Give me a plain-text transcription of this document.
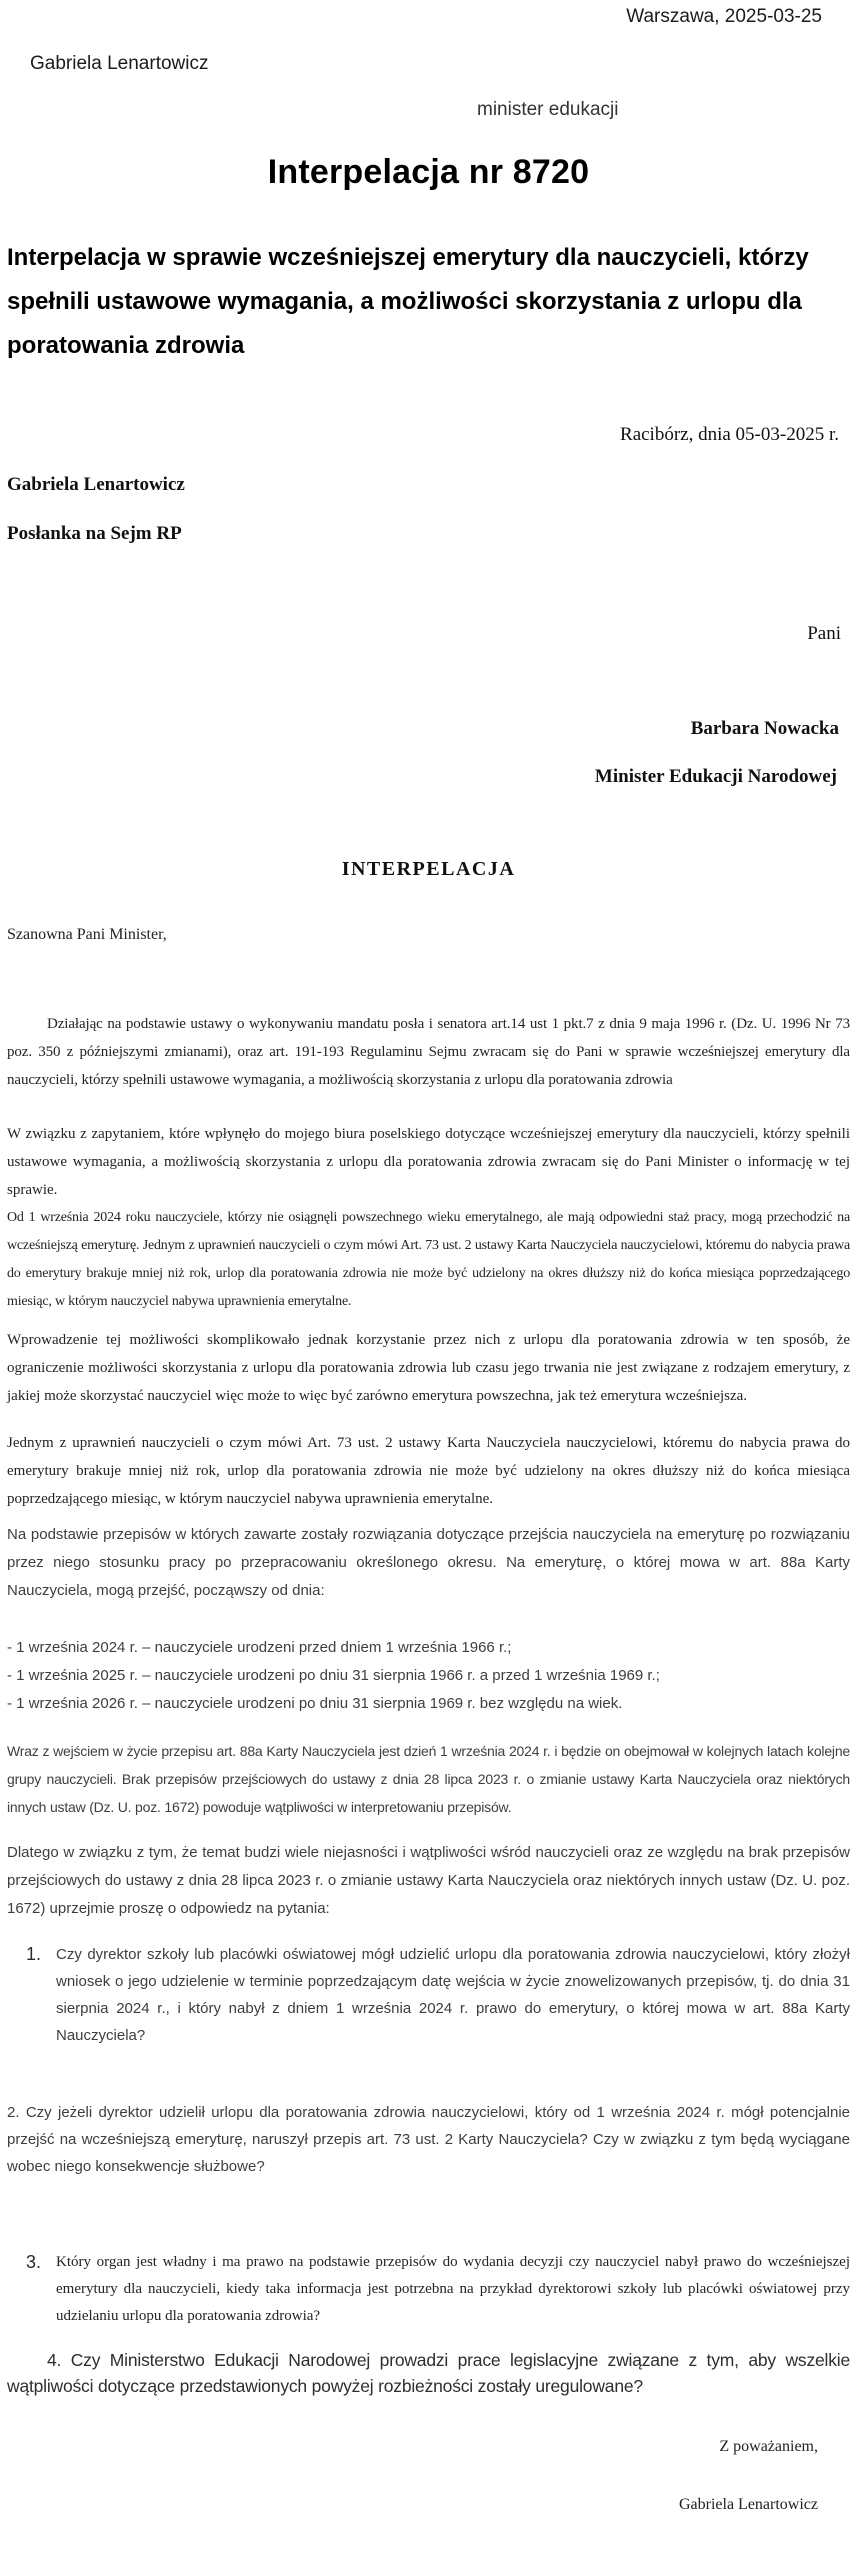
Warszawa, 2025-03-25
Gabriela Lenartowicz
minister edukacji
Interpelacja nr 8720
Interpelacja w sprawie wcześniejszej emerytury dla nauczycieli, którzy spełnili ustawowe wymagania, a możliwości skorzystania z urlopu dla poratowania zdrowia
Racibórz, dnia 05-03-2025 r.
Gabriela Lenartowicz
Posłanka na Sejm RP
Pani
Barbara Nowacka
Minister Edukacji Narodowej
INTERPELACJA
Szanowna Pani Minister,

Działając na podstawie ustawy o wykonywaniu mandatu posła i senatora art.14 ust 1 pkt.7 z dnia 9 maja 1996 r. (Dz. U. 1996 Nr 73 poz. 350 z późniejszymi zmianami), oraz art. 191-193 Regulaminu Sejmu zwracam się do Pani w sprawie wcześniejszej emerytury dla nauczycieli, którzy spełnili ustawowe wymagania, a możliwością skorzystania z urlopu dla poratowania zdrowia

W związku z zapytaniem, które wpłynęło do mojego biura poselskiego dotyczące wcześniejszej emerytury dla nauczycieli, którzy spełnili ustawowe wymagania, a możliwością skorzystania z urlopu dla poratowania zdrowia zwracam się do Pani Minister o informację w tej sprawie.

Od 1 września 2024 roku nauczyciele, którzy nie osiągnęli powszechnego wieku emerytalnego, ale mają odpowiedni staż pracy, mogą przechodzić na wcześniejszą emeryturę. Jednym z uprawnień nauczycieli o czym mówi Art. 73 ust. 2 ustawy Karta Nauczyciela nauczycielowi, któremu do nabycia prawa do emerytury brakuje mniej niż rok, urlop dla poratowania zdrowia nie może być udzielony na okres dłuższy niż do końca miesiąca poprzedzającego miesiąc, w którym nauczyciel nabywa uprawnienia emerytalne.

Wprowadzenie tej możliwości skomplikowało jednak korzystanie przez nich z urlopu dla poratowania zdrowia w ten sposób, że ograniczenie możliwości skorzystania z urlopu dla poratowania zdrowia lub czasu jego trwania nie jest związane z rodzajem emerytury, z jakiej może skorzystać nauczyciel więc może to więc być zarówno emerytura powszechna, jak też emerytura wcześniejsza.

Jednym z uprawnień nauczycieli o czym mówi Art. 73 ust. 2 ustawy Karta Nauczyciela nauczycielowi, któremu do nabycia prawa do emerytury brakuje mniej niż rok, urlop dla poratowania zdrowia nie może być udzielony na okres dłuższy niż do końca miesiąca poprzedzającego miesiąc, w którym nauczyciel nabywa uprawnienia emerytalne.

Na podstawie przepisów w których zawarte zostały rozwiązania dotyczące przejścia nauczyciela na emeryturę po rozwiązaniu przez niego stosunku pracy po przepracowaniu określonego okresu. Na emeryturę, o której mowa w art. 88a Karty Nauczyciela, mogą przejść, począwszy od dnia:

- 1 września 2024 r. – nauczyciele urodzeni przed dniem 1 września 1966 r.;
- 1 września 2025 r. – nauczyciele urodzeni po dniu 31 sierpnia 1966 r. a przed 1 września 1969 r.;
- 1 września 2026 r. – nauczyciele urodzeni po dniu 31 sierpnia 1969 r. bez względu na wiek.

Wraz z wejściem w życie przepisu art. 88a Karty Nauczyciela jest dzień 1 września 2024 r. i będzie on obejmował w kolejnych latach kolejne grupy nauczycieli. Brak przepisów przejściowych do ustawy z dnia 28 lipca 2023 r. o zmianie ustawy Karta Nauczyciela oraz niektórych innych ustaw (Dz. U. poz. 1672) powoduje wątpliwości w interpretowaniu przepisów.

Dlatego w związku z tym, że temat budzi wiele niejasności i wątpliwości wśród nauczycieli oraz ze względu na brak przepisów przejściowych do ustawy z dnia 28 lipca 2023 r. o zmianie ustawy Karta Nauczyciela oraz niektórych innych ustaw (Dz. U. poz. 1672) uprzejmie proszę o odpowiedz na pytania:

1. Czy dyrektor szkoły lub placówki oświatowej mógł udzielić urlopu dla poratowania zdrowia nauczycielowi, który złożył wniosek o jego udzielenie w terminie poprzedzającym datę wejścia w życie znowelizowanych przepisów, tj. do dnia 31 sierpnia 2024 r., i który nabył z dniem 1 września 2024 r. prawo do emerytury, o której mowa w art. 88a Karty Nauczyciela?

2. Czy jeżeli dyrektor udzielił urlopu dla poratowania zdrowia nauczycielowi, który od 1 września 2024 r. mógł potencjalnie przejść na wcześniejszą emeryturę, naruszył przepis art. 73 ust. 2 Karty Nauczyciela? Czy w związku z tym będą wyciągane wobec niego konsekwencje służbowe?

3. Który organ jest władny i ma prawo na podstawie przepisów do wydania decyzji czy nauczyciel nabył prawo do wcześniejszej emerytury dla nauczycieli, kiedy taka informacja jest potrzebna na przykład dyrektorowi szkoły lub placówki oświatowej przy udzielaniu urlopu dla poratowania zdrowia?

4. Czy Ministerstwo Edukacji Narodowej prowadzi prace legislacyjne związane z tym, aby wszelkie wątpliwości dotyczące przedstawionych powyżej rozbieżności zostały uregulowane?

Z poważaniem,
Gabriela Lenartowicz
